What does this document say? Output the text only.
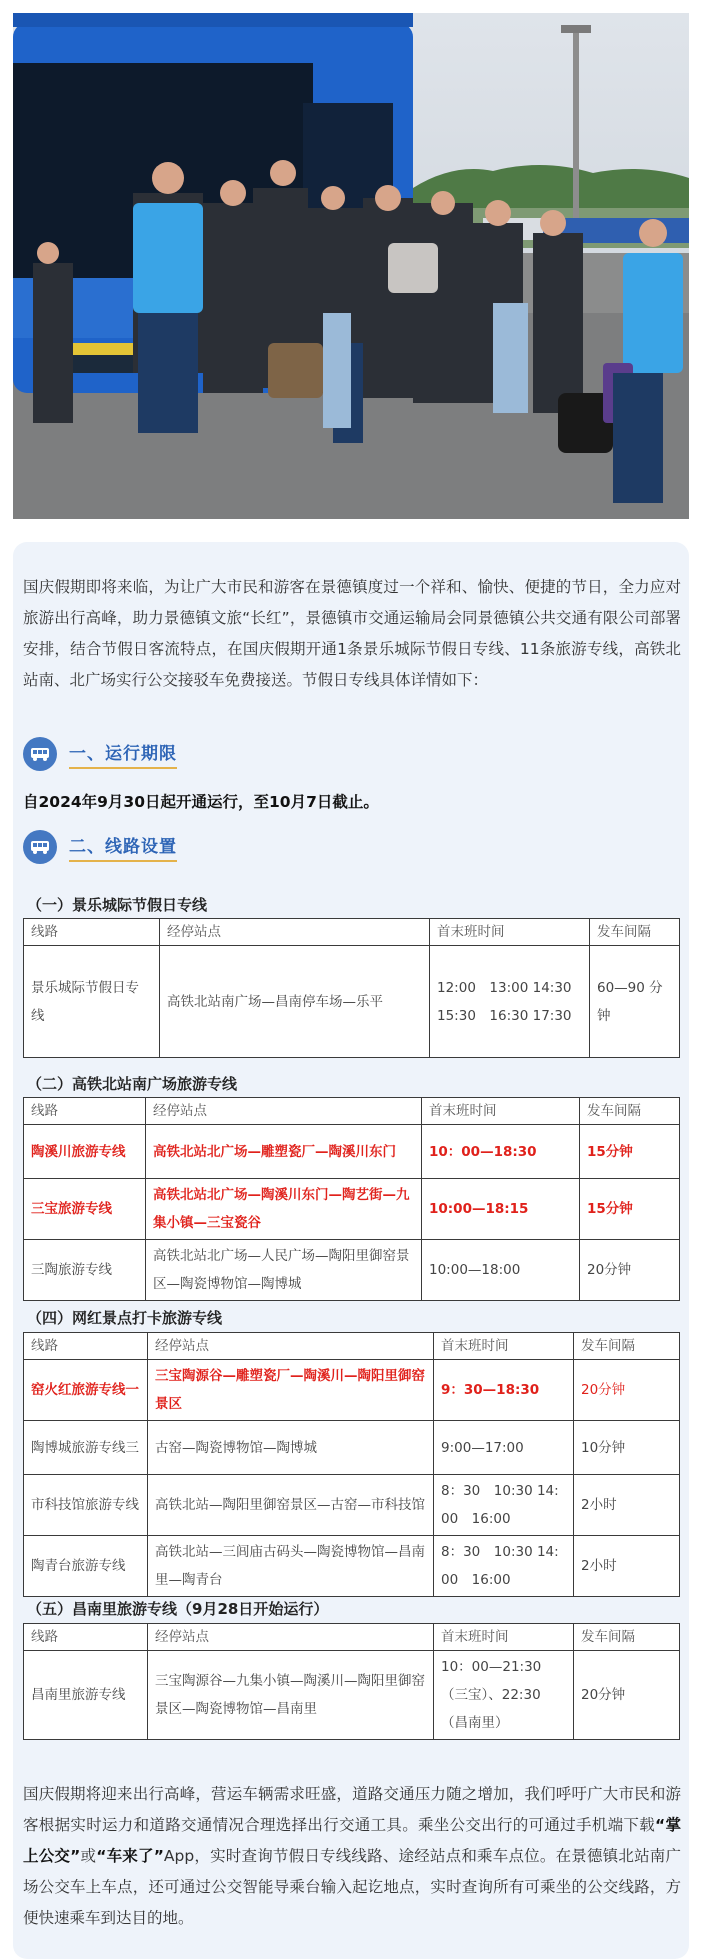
国庆假期即将来临，为让广大市民和游客在景德镇度过一个祥和、愉快、便捷的节日，全力应对旅游出行高峰，助力景德镇文旅“长红”，景德镇市交通运输局会同景德镇公共交通有限公司部署安排，结合节假日客流特点，在国庆假期开通1条景乐城际节假日专线、11条旅游专线，高铁北站南、北广场实行公交接驳车免费接送。节假日专线具体详情如下：

一、运行期限

自2024年9月30日起开通运行，至10月7日截止。

二、线路设置

（一）景乐城际节假日专线

线路	经停站点	首末班时间	发车间隔
景乐城际节假日专线	高铁北站南广场—昌南停车场—乐平	12:00　13:00 14:30　15:30　16:30 17:30	60—90 分钟

（二）高铁北站南广场旅游专线

线路	经停站点	首末班时间	发车间隔
陶溪川旅游专线	高铁北站北广场—雕塑瓷厂—陶溪川东门	10：00—18:30	15分钟
三宝旅游专线	高铁北站北广场—陶溪川东门—陶艺街—九集小镇—三宝瓷谷	10:00—18:15	15分钟
三陶旅游专线	高铁北站北广场—人民广场—陶阳里御窑景区—陶瓷博物馆—陶博城	10:00—18:00	20分钟

（四）网红景点打卡旅游专线

线路	经停站点	首末班时间	发车间隔
窑火红旅游专线一	三宝陶源谷—雕塑瓷厂—陶溪川—陶阳里御窑景区	9：30—18:30	20分钟
陶博城旅游专线三	古窑—陶瓷博物馆—陶博城	9:00—17:00	10分钟
市科技馆旅游专线	高铁北站—陶阳里御窑景区—古窑—市科技馆	8：30　10:30 14:00　16:00	2小时
陶青台旅游专线	高铁北站—三闾庙古码头—陶瓷博物馆—昌南里—陶青台	8：30　10:30 14:00　16:00	2小时

（五）昌南里旅游专线（9月28日开始运行）

线路	经停站点	首末班时间	发车间隔
昌南里旅游专线	三宝陶源谷—九集小镇—陶溪川—陶阳里御窑景区—陶瓷博物馆—昌南里	10：00—21:30（三宝）、22:30（昌南里）	20分钟

国庆假期将迎来出行高峰，营运车辆需求旺盛，道路交通压力随之增加，我们呼吁广大市民和游客根据实时运力和道路交通情况合理选择出行交通工具。乘坐公交出行的可通过手机端下载“掌上公交”或“车来了”App，实时查询节假日专线线路、途经站点和乘车点位。在景德镇北站南广场公交车上车点，还可通过公交智能导乘台输入起讫地点，实时查询所有可乘坐的公交线路，方便快速乘车到达目的地。
